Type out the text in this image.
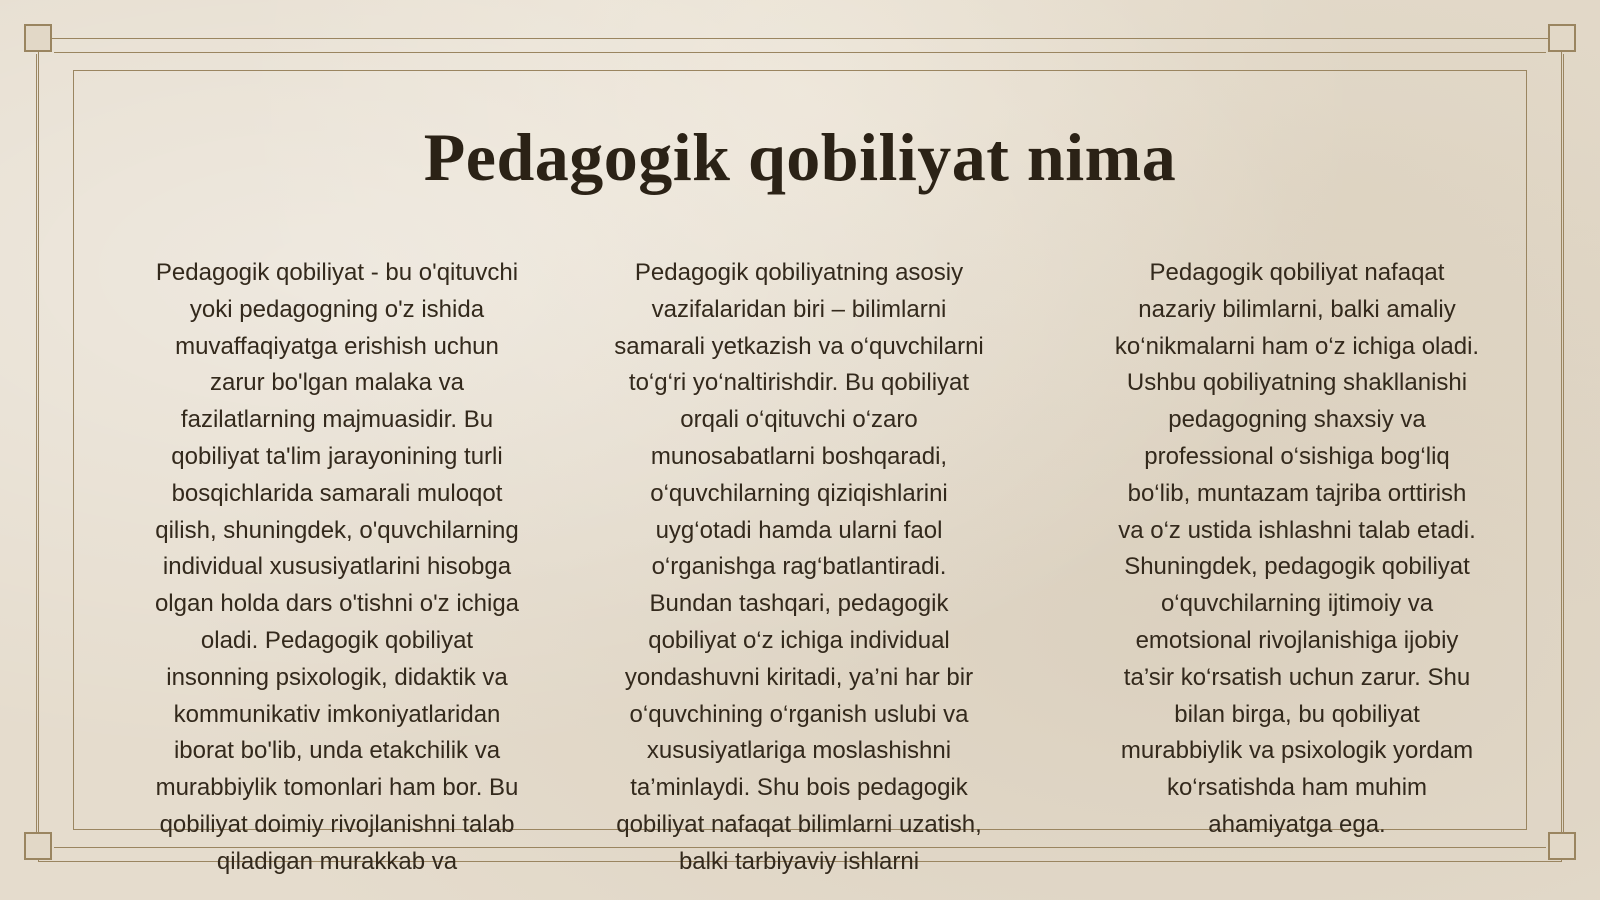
Pedagogik qobiliyat nima

Pedagogik qobiliyat - bu o'qituvchi yoki pedagogning o'z ishida muvaffaqiyatga erishish uchun zarur bo'lgan malaka va fazilatlarning majmuasidir. Bu qobiliyat ta'lim jarayonining turli bosqichlarida samarali muloqot qilish, shuningdek, o'quvchilarning individual xususiyatlarini hisobga olgan holda dars o'tishni o'z ichiga oladi. Pedagogik qobiliyat insonning psixologik, didaktik va kommunikativ imkoniyatlaridan iborat bo'lib, unda etakchilik va murabbiylik tomonlari ham bor. Bu qobiliyat doimiy rivojlanishni talab qiladigan murakkab va

Pedagogik qobiliyatning asosiy vazifalaridan biri – bilimlarni samarali yetkazish va o‘quvchilarni to‘g‘ri yo‘naltirishdir. Bu qobiliyat orqali o‘qituvchi o‘zaro munosabatlarni boshqaradi, o‘quvchilarning qiziqishlarini uyg‘otadi hamda ularni faol o‘rganishga rag‘batlantiradi. Bundan tashqari, pedagogik qobiliyat o‘z ichiga individual yondashuvni kiritadi, ya’ni har bir o‘quvchining o‘rganish uslubi va xususiyatlariga moslashishni ta’minlaydi. Shu bois pedagogik qobiliyat nafaqat bilimlarni uzatish, balki tarbiyaviy ishlarni

Pedagogik qobiliyat nafaqat nazariy bilimlarni, balki amaliy ko‘nikmalarni ham o‘z ichiga oladi. Ushbu qobiliyatning shakllanishi pedagogning shaxsiy va professional o‘sishiga bog‘liq bo‘lib, muntazam tajriba orttirish va o‘z ustida ishlashni talab etadi. Shuningdek, pedagogik qobiliyat o‘quvchilarning ijtimoiy va emotsional rivojlanishiga ijobiy ta’sir ko‘rsatish uchun zarur. Shu bilan birga, bu qobiliyat murabbiylik va psixologik yordam ko‘rsatishda ham muhim ahamiyatga ega.
